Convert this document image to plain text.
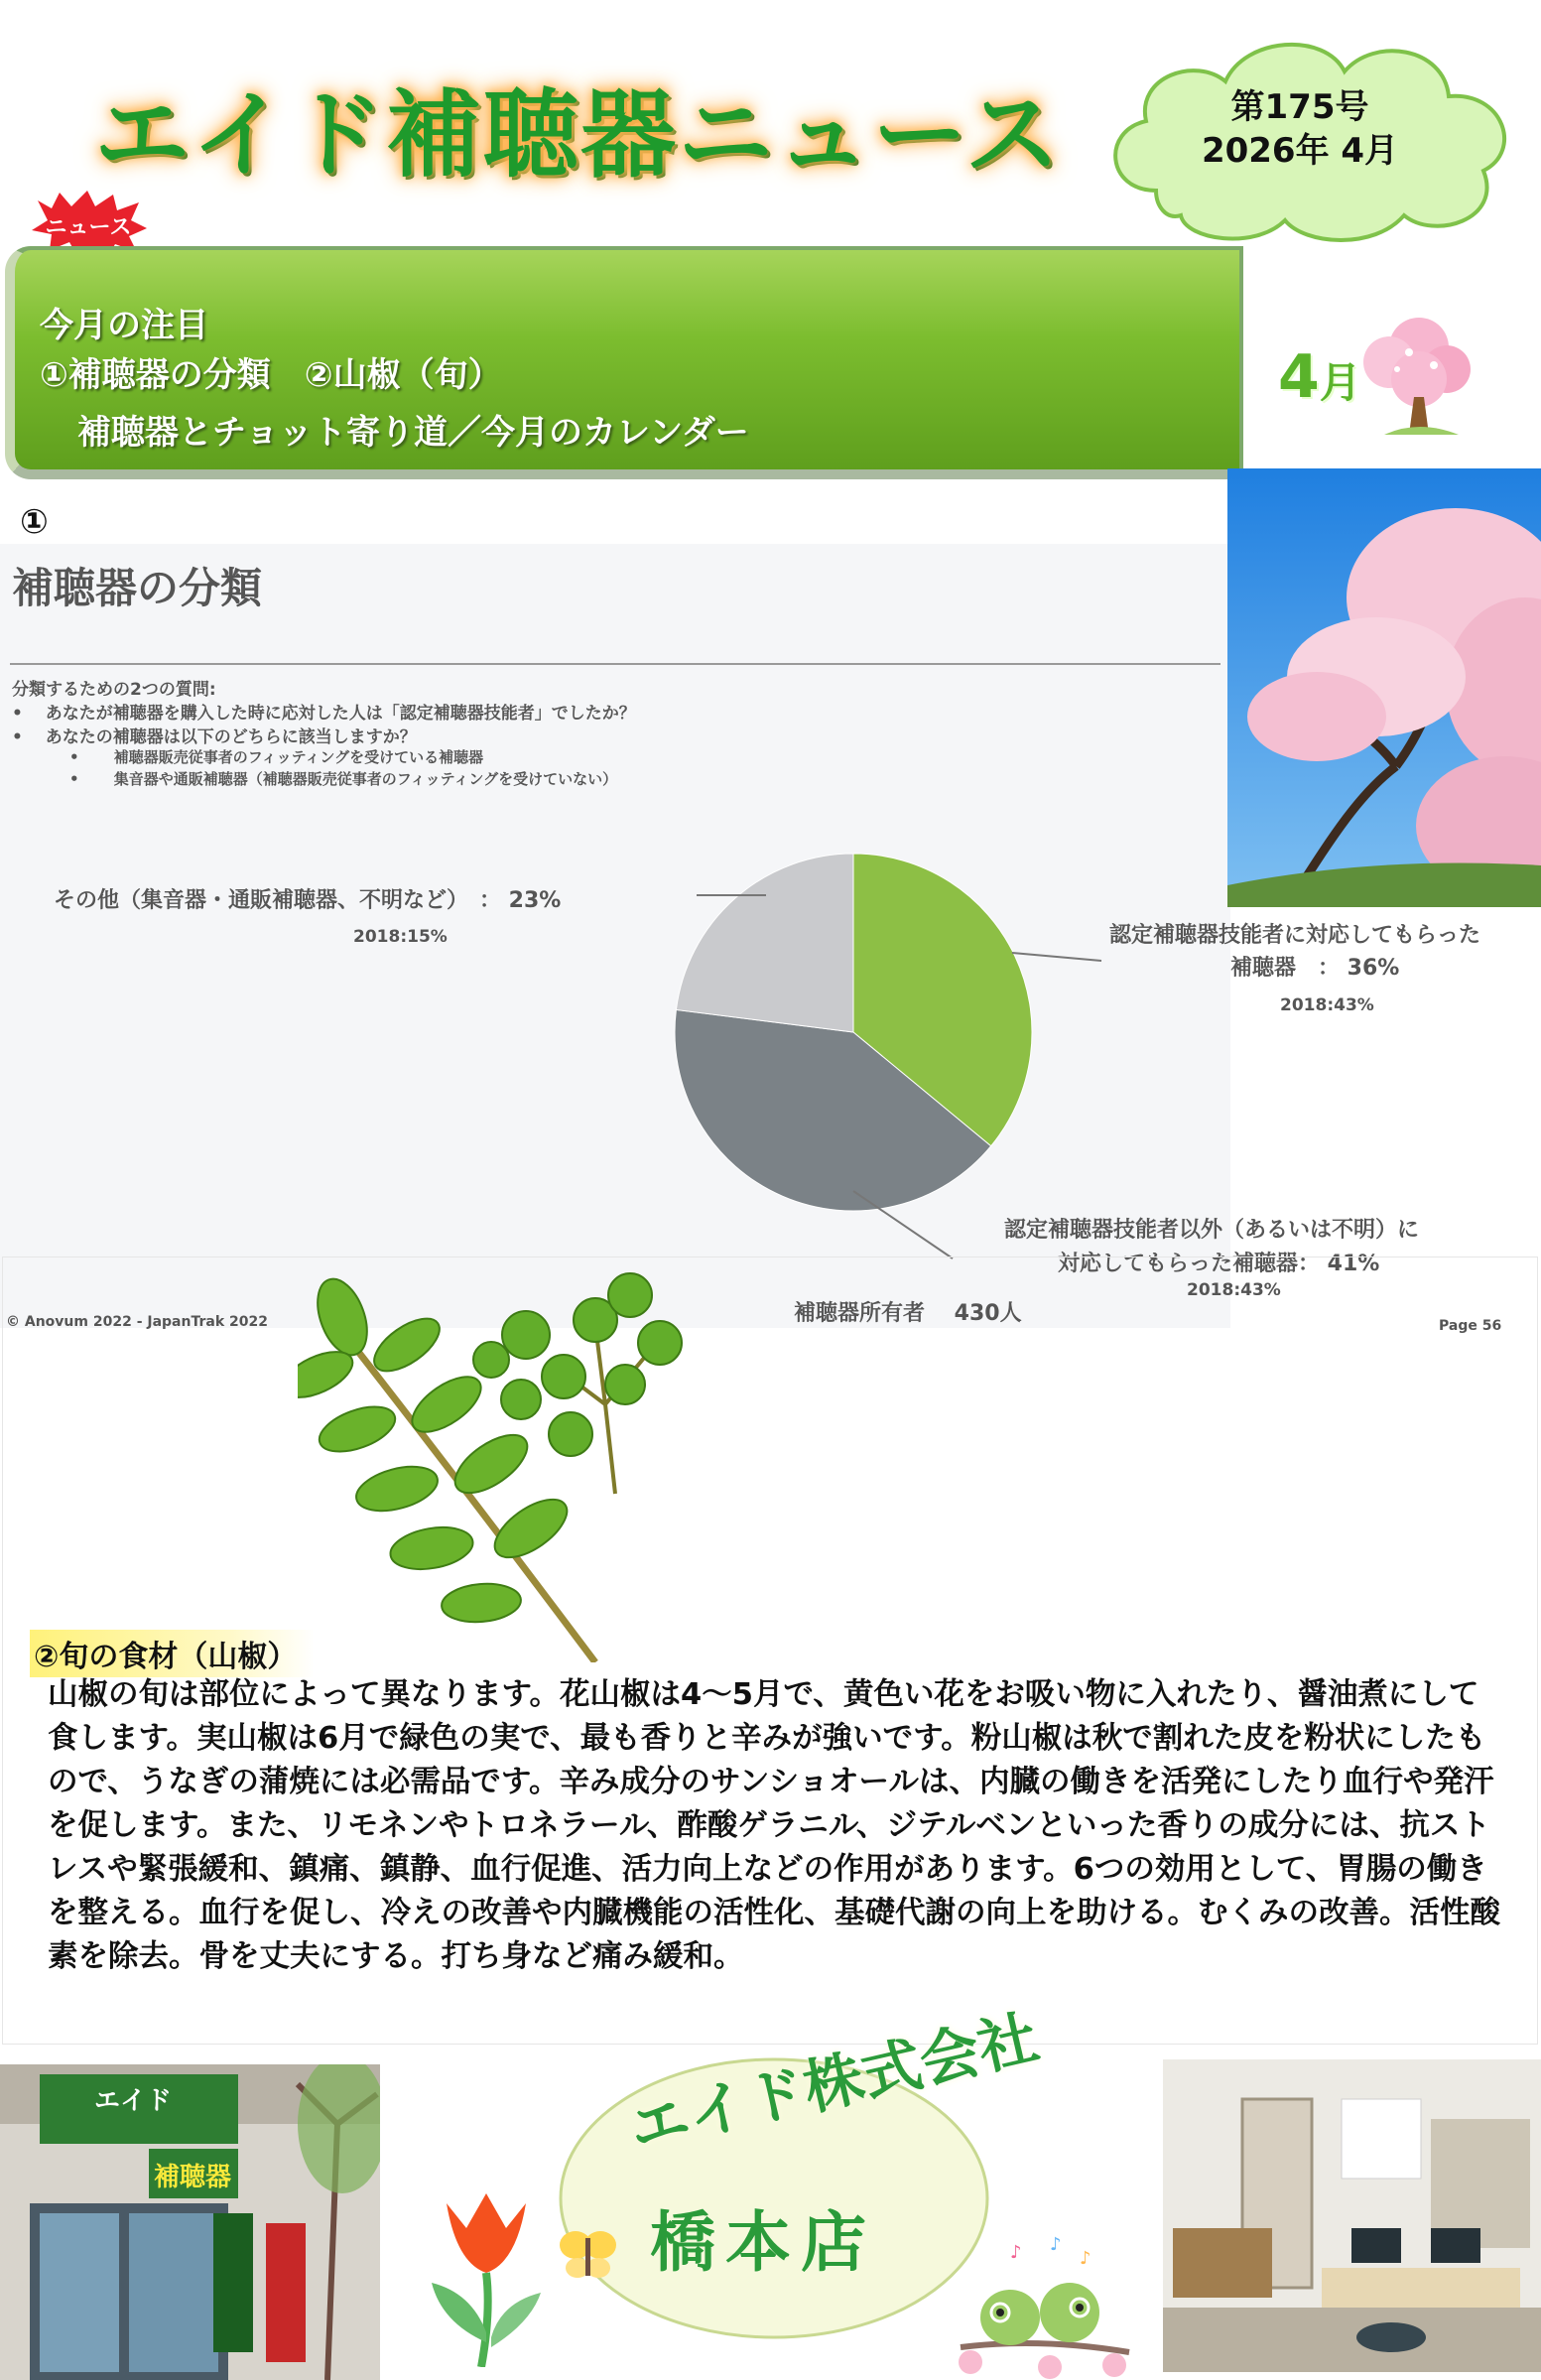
エイド補聴器ニュース	第175号
2026年 4月
ニュース
今月の注目
①補聴器の分類　②山椒（旬）
補聴器とチョット寄り道／今月のカレンダー
4月
①
補聴器の分類
分類するための2つの質問:
•　 あなたが補聴器を購入した時に応対した人は「認定補聴器技能者」でしたか？
•　 あなたの補聴器は以下のどちらに該当しますか？
•　　 補聴器販売従事者のフィッティングを受けている補聴器
•　　 集音器や通販補聴器（補聴器販売従事者のフィッティングを受けていない）
その他（集音器・通販補聴器、不明など）　： 23%
2018:15%	認定補聴器技能者に対応してもらった
補聴器　： 36%
2018:43%
認定補聴器技能者以外（あるいは不明）に
対応してもらった補聴器： 41%
2018:43%
© Anovum 2022 - JapanTrak 2022	補聴器所有者　 430人	Page 56
②旬の食材（山椒）
山椒の旬は部位によって異なります。花山椒は4～5月で、黄色い花をお吸い物に入れたり、醤油煮にして食します。実山椒は6月で緑色の実で、最も香りと辛みが強いです。粉山椒は秋で割れた皮を粉状にしたもので、うなぎの蒲焼には必需品です。辛み成分のサンショオールは、内臓の働きを活発にしたり血行や発汗を促します。また、リモネンやトロネラール、酢酸ゲラニル、ジテルベンといった香りの成分には、抗ストレスや緊張緩和、鎮痛、鎮静、血行促進、活力向上などの作用があります。6つの効用として、胃腸の働きを整える。血行を促し、冷えの改善や内臓機能の活性化、基礎代謝の向上を助ける。むくみの改善。活性酸素を除去。骨を丈夫にする。打ち身など痛み緩和。
エイド
補聴器
エイド株式会社
橋本店	♪ ♪
♪
